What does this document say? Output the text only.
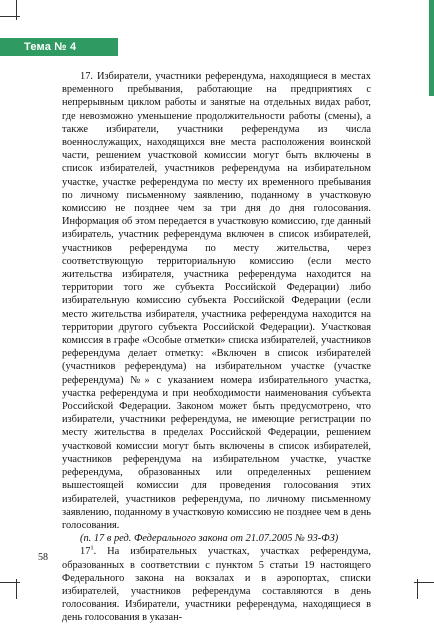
Тема № 4

17. Избиратели, участники референдума, находящиеся в местах временного пребывания, работающие на предприятиях с непрерывным циклом работы и занятые на отдельных видах работ, где невозможно уменьшение продолжительности работы (смены), а также избиратели, участники референдума из числа военнослужащих, находящихся вне места расположения воинской части, решением участковой комиссии могут быть включены в список избирателей, участников референдума на избирательном участке, участке референдума по месту их временного пребывания по личному письменному заявлению, поданному в участковую комиссию не позднее чем за три дня до дня голосования. Информация об этом передается в участковую комиссию, где данный избиратель, участник референдума включен в список избирателей, участников референдума по месту жительства, через соответствующую территориальную комиссию (если место жительства избирателя, участника референдума находится на территории того же субъекта Российской Федерации) либо избирательную комиссию субъекта Российской Федерации (если место жительства избирателя, участника референдума находится на территории другого субъекта Российской Федерации). Участковая комиссия в графе «Особые отметки» списка избирателей, участников референдума делает отметку: «Включен в список избирателей (участников референдума) на избирательном участке (участке референдума) №» с указанием номера избирательного участка, участка референдума и при необходимости наименования субъекта Российской Федерации. Законом может быть предусмотрено, что избиратели, участники референдума, не имеющие регистрации по месту жительства в пределах Российской Федерации, решением участковой комиссии могут быть включены в список избирателей, участников референдума на избирательном участке, участке референдума, образованных или определенных решением вышестоящей комиссии для проведения голосования этих избирателей, участников референдума, по личному письменному заявлению, поданному в участковую комиссию не позднее чем в день голосования.

(п. 17 в ред. Федерального закона от 21.07.2005 № 93-ФЗ)

$17^1$. На избирательных участках, участках референдума, образованных в соответствии с пунктом 5 статьи 19 настоящего Федерального закона на вокзалах и в аэропортах, списки избирателей, участников референдума составляются в день голосования. Избиратели, участники референдума, находящиеся в день голосования в указан-

58
